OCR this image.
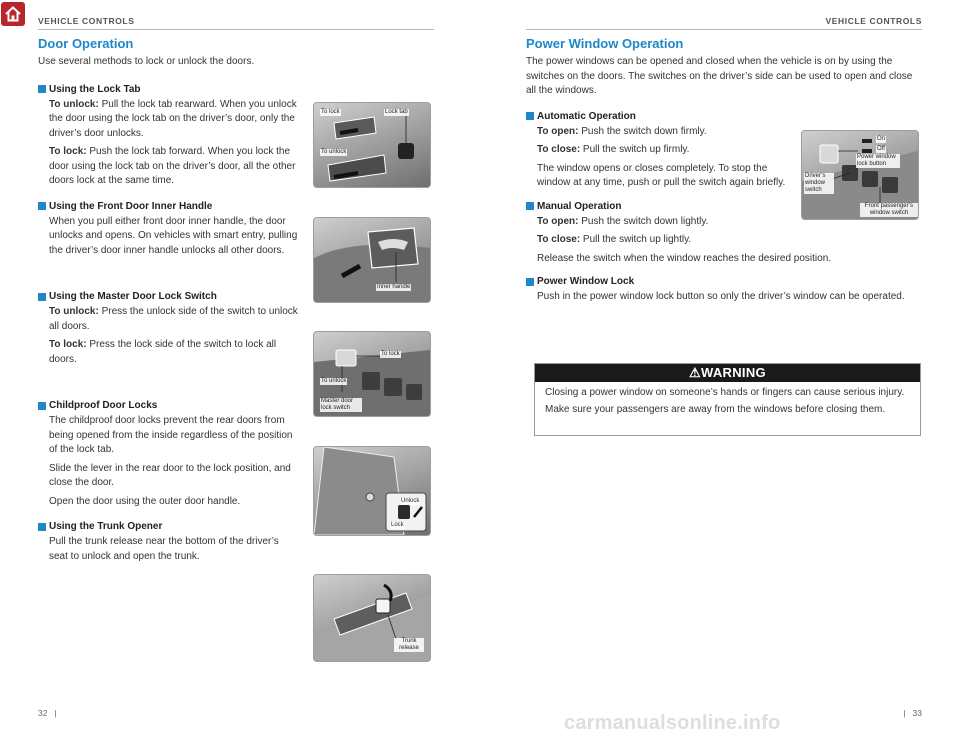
VEHICLE CONTROLS	VEHICLE CONTROLS
Door Operation

Use several methods to lock or unlock the doors.

Using the Lock Tab

To unlock: Pull the lock tab rearward. When you unlock the door using the lock tab on the driver’s door, only the driver’s door unlocks.

To lock: Push the lock tab forward. When you lock the door using the lock tab on the driver’s door, all the other doors lock at the same time.

Using the Front Door Inner Handle

When you pull either front door inner handle, the door unlocks and opens. On vehicles with smart entry, pulling the driver’s door inner handle unlocks all other doors.

Using the Master Door Lock Switch

To unlock: Press the unlock side of the switch to unlock all doors.

To lock: Press the lock side of the switch to lock all doors.

Childproof Door Locks

The childproof door locks prevent the rear doors from being opened from the inside regardless of the position of the lock tab.

Slide the lever in the rear door to the lock position, and close the door.

Open the door using the outer door handle.

Using the Trunk Opener

Pull the trunk release near the bottom of the driver’s seat to unlock and open the trunk.

To lock	Lock tab
To unlock
Inner handle
To lock
To unlock
Master door lock switch
Unlock
Lock
Trunk release
Power Window Operation

The power windows can be opened and closed when the vehicle is on by using the switches on the doors. The switches on the driver’s side can be used to open and close all the windows.

Automatic Operation

To open: Push the switch down firmly.

To close: Pull the switch up firmly.

The window opens or closes completely. To stop the window at any time, push or pull the switch again briefly.

Manual Operation

To open: Push the switch down lightly.

To close: Pull the switch up lightly.

Release the switch when the window reaches the desired position.

Power Window Lock

Push in the power window lock button so only the driver’s window can be operated.

On
Off
Power window lock button
Driver’s window switch
Front passenger’s window switch
⚠WARNING

Closing a power window on someone’s hands or fingers can cause serious injury.

Make sure your passengers are away from the windows before closing them.

32   |	|   33
carmanualsonline.info
